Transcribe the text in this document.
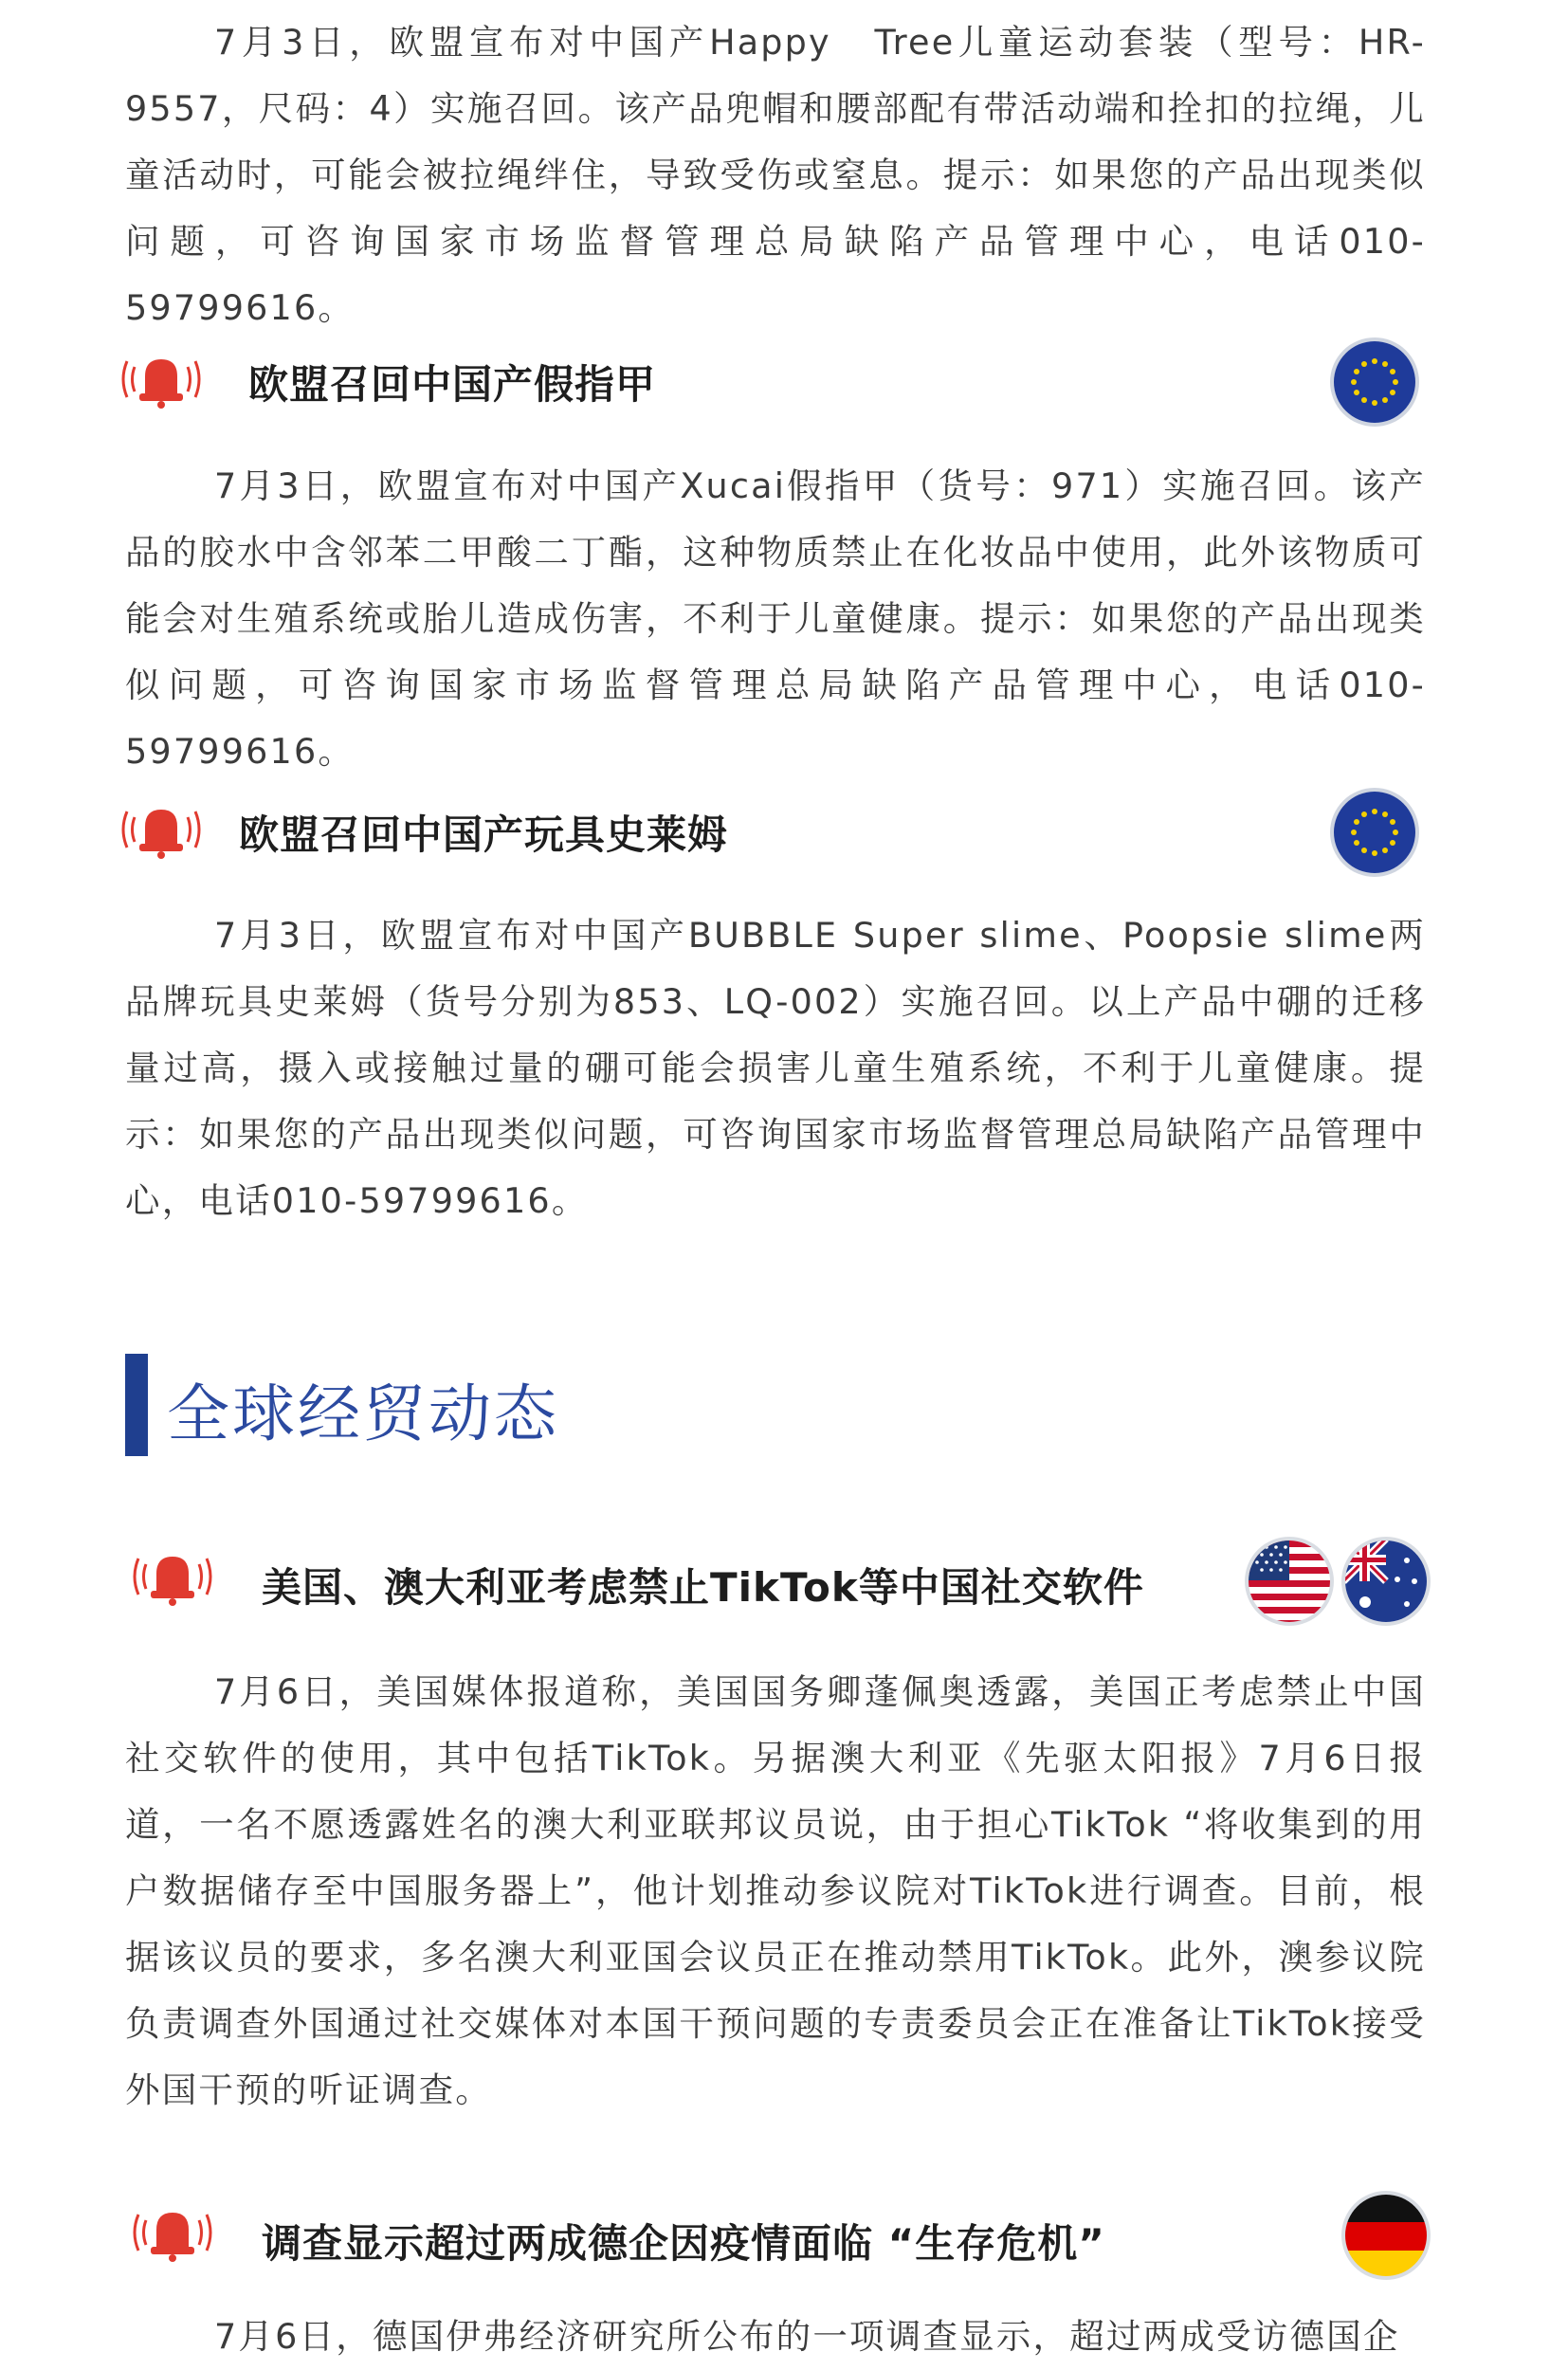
7月3日，欧盟宣布对中国产Happy　Tree儿童运动套装（型号：HR-9557，尺码：4）实施召回。该产品兜帽和腰部配有带活动端和拴扣的拉绳，儿童活动时，可能会被拉绳绊住，导致受伤或窒息。提示：如果您的产品出现类似问题，可咨询国家市场监督管理总局缺陷产品管理中心，电话010-59799616。

欧盟召回中国产假指甲

7月3日，欧盟宣布对中国产Xucai假指甲（货号：971）实施召回。该产品的胶水中含邻苯二甲酸二丁酯，这种物质禁止在化妆品中使用，此外该物质可能会对生殖系统或胎儿造成伤害，不利于儿童健康。提示：如果您的产品出现类似问题，可咨询国家市场监督管理总局缺陷产品管理中心，电话010-59799616。

欧盟召回中国产玩具史莱姆

7月3日，欧盟宣布对中国产BUBBLE Super slime、Poopsie slime两品牌玩具史莱姆（货号分别为853、LQ-002）实施召回。以上产品中硼的迁移量过高，摄入或接触过量的硼可能会损害儿童生殖系统，不利于儿童健康。提示：如果您的产品出现类似问题，可咨询国家市场监督管理总局缺陷产品管理中心，电话010-59799616。

全球经贸动态
美国、澳大利亚考虑禁止TikTok等中国社交软件

7月6日，美国媒体报道称，美国国务卿蓬佩奥透露，美国正考虑禁止中国社交软件的使用，其中包括TikTok。另据澳大利亚《先驱太阳报》7月6日报道，一名不愿透露姓名的澳大利亚联邦议员说，由于担心TikTok “将收集到的用户数据储存至中国服务器上”，他计划推动参议院对TikTok进行调查。目前，根据该议员的要求，多名澳大利亚国会议员正在推动禁用TikTok。此外，澳参议院负责调查外国通过社交媒体对本国干预问题的专责委员会正在准备让TikTok接受外国干预的听证调查。

调查显示超过两成德企因疫情面临 “生存危机”

7月6日，德国伊弗经济研究所公布的一项调查显示，超过两成受访德国企
